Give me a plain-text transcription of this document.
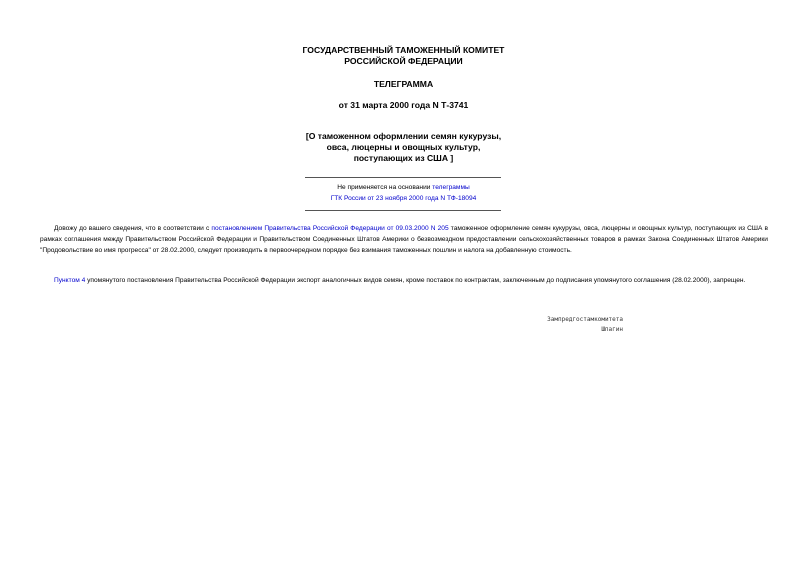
ГОСУДАРСТВЕННЫЙ ТАМОЖЕННЫЙ КОМИТЕТ
РОССИЙСКОЙ ФЕДЕРАЦИИ
ТЕЛЕГРАММА
от 31 марта 2000 года N Т-3741
[О таможенном оформлении семян кукурузы,
овса, люцерны и овощных культур,
поступающих из США ]
Не применяется на основании телеграммы
ГТК России от 23 ноября 2000 года N ТФ-18094

Довожу до вашего сведения, что в соответствии с постановлением Правительства Российской Федерации от 09.03.2000 N 205 таможенное оформление семян кукурузы, овса, люцерны и овощных культур, поступающих из США в рамках соглашения между Правительством Российской Федерации и Правительством Соединенных Штатов Америки о безвозмездном предоставлении сельскохозяйственных товаров в рамках Закона Соединенных Штатов Америки "Продовольствие во имя прогресса" от 28.02.2000, следует производить в первоочередном порядке без взимания таможенных пошлин и налога на добавленную стоимость.

Пунктом 4 упомянутого постановления Правительства Российской Федерации экспорт аналогичных видов семян, кроме поставок по контрактам, заключенным до подписания упомянутого соглашения (28.02.2000), запрещен.

Зампредгостамкомитета
Шпагин
